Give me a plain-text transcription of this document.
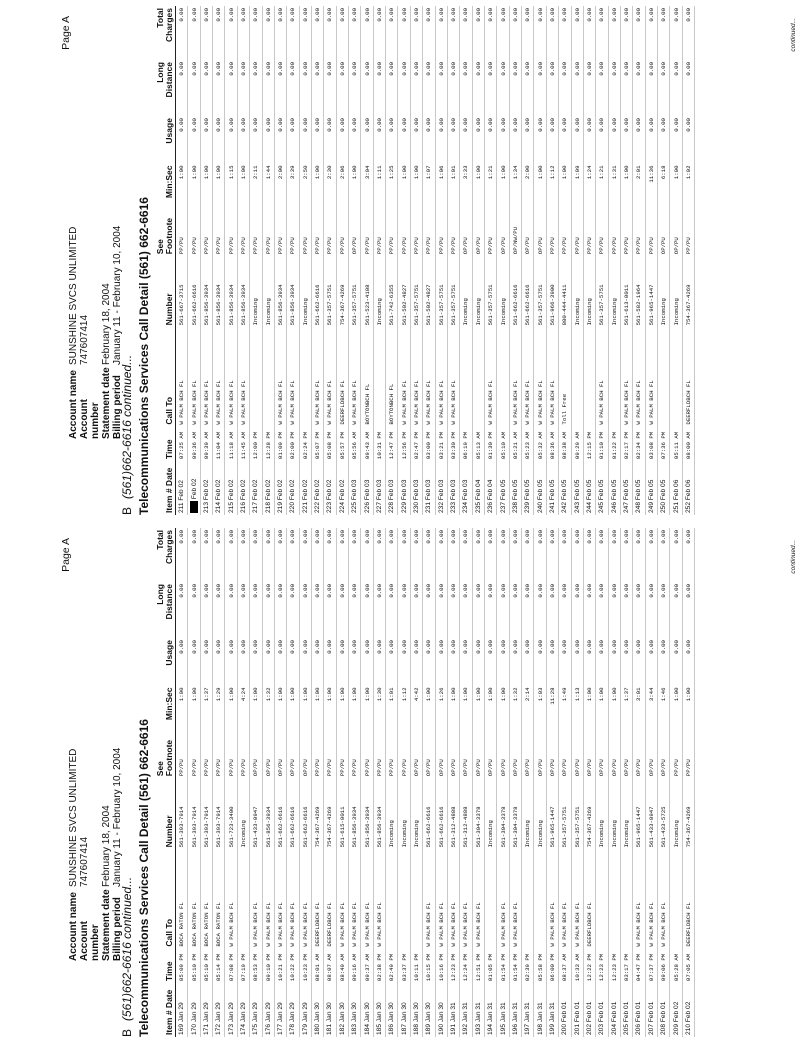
Page A
Account name
SUNSHINE SVCS UNLIMITED
Account number
747607414
Statement date
February 18, 2004
Billing period
January 11 - February 10, 2004
B(561)662-6616 continued... Telecommunications Services Call Detail (561) 662-6616 Item # Date	Time	Call To	Number	See Footnote	Min:Sec	Usage	Long Distance	Total Charges
169 Jan 29	05:09 PM	BOCA RATON FL	561-393-7914	PP/PU	1:00	0.00	0.00	0.00
170 Jan 29	05:10 PM	BOCA RATON FL	561-393-7914	PP/PU	1:00	0.00	0.00	0.00
171 Jan 29	05:10 PM	BOCA RATON FL	561-393-7914	PP/PU	1:37	0.00	0.00	0.00
172 Jan 29	05:14 PM	BOCA RATON FL	561-393-7914	PP/PU	1:29	0.00	0.00	0.00
173 Jan 29	07:08 PM	W PALM BCH FL	561-723-3400	PP/PU	1:00	0.00	0.00	0.00
174 Jan 29	07:19 PM		Incoming	PP/PU	4:24	0.00	0.00	0.00
175 Jan 29	08:53 PM	W PALM BCH FL	561-433-0947	OP/PU	1:00	0.00	0.00	0.00
176 Jan 29	09:10 PM	W PALM BCH FL	561-856-3934	OP/PU	1:32	0.00	0.00	0.00
177 Jan 29	10:21 PM	W PALM BCH FL	561-662-6616	OP/PU	1:00	0.00	0.00	0.00
178 Jan 29	10:22 PM	W PALM BCH FL	561-662-6616	OP/PU	1:00	0.00	0.00	0.00
179 Jan 29	10:23 PM	W PALM BCH FL	561-662-6616	OP/PU	1:00	0.00	0.00	0.00
180 Jan 30	08:01 AM	DEERFLDBCH FL	754-367-4269	PP/PU	1:00	0.00	0.00	0.00
181 Jan 30	08:07 AM	DEERFLDBCH FL	754-367-4269	PP/PU	1:00	0.00	0.00	0.00
182 Jan 30	08:49 AM	W PALM BCH FL	561-615-0011	PP/PU	1:00	0.00	0.00	0.00
183 Jan 30	09:16 AM	W PALM BCH FL	561-856-3934	PP/PU	1:00	0.00	0.00	0.00
184 Jan 30	09:37 AM	W PALM BCH FL	561-856-3934	PP/PU	1:00	0.00	0.00	0.00
185 Jan 30	02:38 PM	W PALM BCH FL	561-856-3934	PP/PU	1:30	0.00	0.00	0.00
186 Jan 30	02:49 PM		Incoming	PP/PU	1:01	0.00	0.00	0.00
187 Jan 30	03:37 PM		Incoming	PP/PU	1:12	0.00	0.00	0.00
188 Jan 30	10:11 PM		Incoming	OP/PU	4:42	0.00	0.00	0.00
189 Jan 30	10:15 PM	W PALM BCH FL	561-662-6616	OP/PU	1:00	0.00	0.00	0.00
190 Jan 30	10:16 PM	W PALM BCH FL	561-662-6616	OP/PU	1:26	0.00	0.00	0.00
191 Jan 31	12:23 PM	W PALM BCH FL	561-312-4888	OP/PU	1:00	0.00	0.00	0.00
192 Jan 31	12:24 PM	W PALM BCH FL	561-312-4888	OP/PU	1:00	0.00	0.00	0.00
193 Jan 31	12:51 PM	W PALM BCH FL	561-304-3378	OP/PU	1:00	0.00	0.00	0.00
194 Jan 31	01:05 PM		Incoming	OP/PU	1:00	0.00	0.00	0.00
195 Jan 31	01:54 PM	W PALM BCH FL	561-304-3378	OP/PU	1:00	0.00	0.00	0.00
196 Jan 31	01:54 PM	W PALM BCH FL	561-304-3378	OP/PU	1:32	0.00	0.00	0.00
197 Jan 31	02:39 PM		Incoming	OP/PU	2:14	0.00	0.00	0.00
198 Jan 31	05:58 PM		Incoming	OP/PU	1:03	0.00	0.00	0.00
199 Jan 31	06:00 PM	W PALM BCH FL	561-965-1447	OP/PU	11:28	0.00	0.00	0.00
200 Feb 01	08:37 AM	W PALM BCH FL	561-357-5751	OP/PU	1:49	0.00	0.00	0.00
201 Feb 01	10:33 AM	W PALM BCH FL	561-357-5751	OP/PU	1:13	0.00	0.00	0.00
202 Feb 01	12:22 PM	DEERFLDBCH FL	754-367-4269	OP/PU	1:00	0.00	0.00	0.00
203 Feb 01	12:23 PM		Incoming	OP/PU	1:00	0.00	0.00	0.00
204 Feb 01	12:23 PM		Incoming	OP/PU	1:00	0.00	0.00	0.00
205 Feb 01	03:17 PM		Incoming	OP/PU	1:37	0.00	0.00	0.00
206 Feb 01	04:47 PM	W PALM BCH FL	561-965-1447	OP/PU	3:01	0.00	0.00	0.00
207 Feb 01	07:37 PM	W PALM BCH FL	561-433-0947	OP/PU	3:44	0.00	0.00	0.00
208 Feb 01	09:06 PM	W PALM BCH FL	561-433-5725	OP/PU	1:46	0.00	0.00	0.00
209 Feb 02	05:28 AM		Incoming	PP/PU	1:00	0.00	0.00	0.00
210 Feb 02	07:05 AM	DEERFLDBCH FL	754-367-4269	PP/PU	1:00	0.00	0.00	0.00
continued...
Page A
Account name
SUNSHINE SVCS UNLIMITED
Account number
747607414
Statement date
February 18, 2004
Billing period
January 11 - February 10, 2004
B(561)662-6616 continued... Telecommunications Services Call Detail (561) 662-6616 Item # Date	Time	Call To	Number	See Footnote	Min:Sec	Usage	Long Distance	Total Charges
211 Feb 02	07:25 AM	W PALM BCH FL	561-667-3715	PP/PU	1:00	0.00	0.00	0.00
Feb 02	09:36 AM	W PALM BCH FL	561-662-6616	PP/PU	1:00	0.00	0.00	0.00
213 Feb 02	09:39 AM	W PALM BCH FL	561-856-3934	PP/PU	1:00	0.00	0.00	0.00
214 Feb 02	11:04 AM	W PALM BCH FL	561-856-3934	PP/PU	1:00	0.00	0.00	0.00
215 Feb 02	11:18 AM	W PALM BCH FL	561-856-3934	PP/PU	1:15	0.00	0.00	0.00
216 Feb 02	11:45 AM	W PALM BCH FL	561-856-3934	PP/PU	1:00	0.00	0.00	0.00
217 Feb 02	12:00 PM		Incoming	PP/PU	2:11	0.00	0.00	0.00
218 Feb 02	12:28 PM		Incoming	PP/PU	1:44	0.00	0.00	0.00
219 Feb 02	01:09 PM	W PALM BCH FL	561-856-3934	PP/PU	2:00	0.00	0.00	0.00
220 Feb 02	02:00 PM	W PALM BCH FL	561-856-3934	PP/PU	3:39	0.00	0.00	0.00
221 Feb 02	02:24 PM		Incoming	PP/PU	2:50	0.00	0.00	0.00
222 Feb 02	05:07 PM	W PALM BCH FL	561-662-6616	PP/PU	1:00	0.00	0.00	0.00
223 Feb 02	05:08 PM	W PALM BCH FL	561-357-5751	PP/PU	2:30	0.00	0.00	0.00
224 Feb 02	05:57 PM	DEERFLDBCH FL	754-367-4269	PP/PU	2:06	0.00	0.00	0.00
225 Feb 03	05:56 AM	W PALM BCH FL	561-357-5751	OP/PU	1:00	0.00	0.00	0.00
226 Feb 03	09:43 AM	BOYTONBCH FL	561-523-4108	PP/PU	3:04	0.00	0.00	0.00
227 Feb 03	10:31 PM		Incoming	PP/PU	1:11	0.00	0.00	0.00
228 Feb 03	12:47 PM	BOYTONBCH FL	561-742-6355	PP/PU	1:25	0.00	0.00	0.00
229 Feb 03	12:56 PM	W PALM BCH FL	561-502-4827	PP/PU	1:00	0.00	0.00	0.00
230 Feb 03	02:47 PM	W PALM BCH FL	561-357-5751	PP/PU	1:00	0.00	0.00	0.00
231 Feb 03	03:00 PM	W PALM BCH FL	561-502-4827	PP/PU	1:07	0.00	0.00	0.00
232 Feb 03	03:21 PM	W PALM BCH FL	561-357-5751	PP/PU	1:06	0.00	0.00	0.00
233 Feb 03	03:30 PM	W PALM BCH FL	561-357-5751	PP/PU	1:01	0.00	0.00	0.00
234 Feb 03	06:19 PM		Incoming	OP/PU	3:33	0.00	0.00	0.00
235 Feb 04	05:13 AM		Incoming	OP/PU	1:00	0.00	0.00	0.00
236 Feb 04	01:30 PM	W PALM BCH FL	561-357-5751	PP/PU	1:21	0.00	0.00	0.00
237 Feb 05	05:10 AM		Incoming	OP/PU	1:00	0.00	0.00	0.00
238 Feb 05	05:21 AM	W PALM BCH FL	561-662-6616	OP/NW/PU	1:34	0.00	0.00	0.00
239 Feb 05	05:23 AM	W PALM BCH FL	561-662-6616	OP/PU	2:00	0.00	0.00	0.00
240 Feb 05	05:32 AM	W PALM BCH FL	561-357-5751	OP/PU	1:00	0.00	0.00	0.00
241 Feb 05	08:36 AM	W PALM BCH FL	561-966-3900	PP/PU	1:12	0.00	0.00	0.00
242 Feb 05	08:38 AM	Toll Free	800-444-4411	PP/PU	1:00	0.00	0.00	0.00
243 Feb 05	09:29 AM		Incoming	PP/PU	1:09	0.00	0.00	0.00
244 Feb 05	12:15 PM		Incoming	PP/PU	1:24	0.00	0.00	0.00
245 Feb 05	01:10 PM	W PALM BCH FL	561-357-5751	PP/PU	1:21	0.00	0.00	0.00
246 Feb 05	01:22 PM		Incoming	PP/PU	1:31	0.00	0.00	0.00
247 Feb 05	02:17 PM	W PALM BCH FL	561-613-0011	PP/PU	1:00	0.00	0.00	0.00
248 Feb 05	02:34 PM	W PALM BCH FL	561-582-1964	PP/PU	2:01	0.00	0.00	0.00
249 Feb 05	03:08 PM	W PALM BCH FL	561-965-1447	PP/PU	11:36	0.00	0.00	0.00
250 Feb 05	07:36 PM		Incoming	OP/PU	6:18	0.00	0.00	0.00
251 Feb 06	05:11 AM		Incoming	OP/PU	1:00	0.00	0.00	0.00
252 Feb 06	08:00 AM	DEERFLDBCH FL	754-367-4269	PP/PU	1:02	0.00	0.00	0.00
continued...
